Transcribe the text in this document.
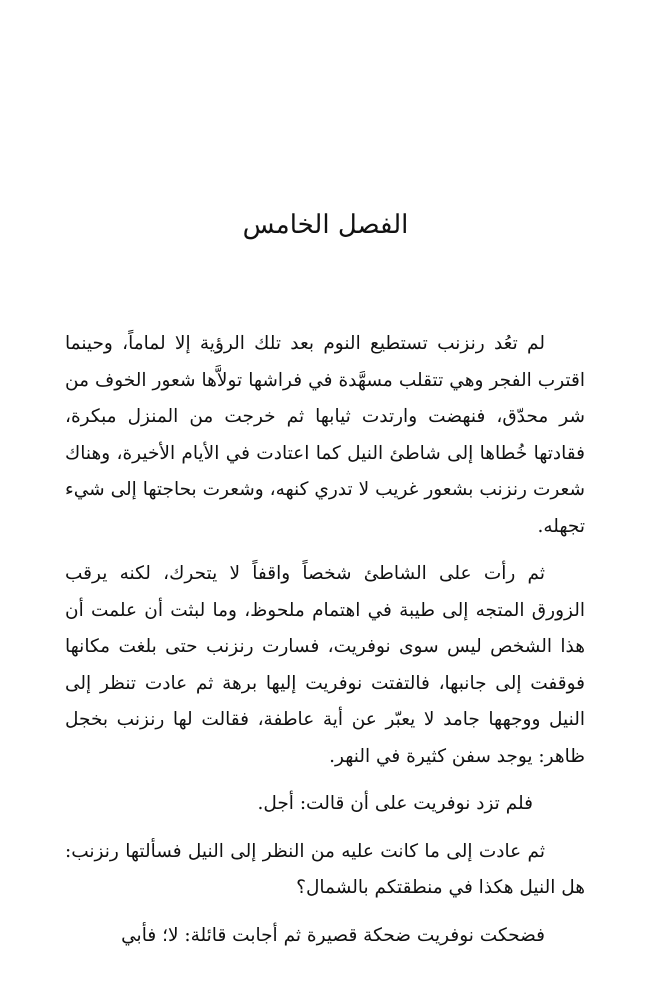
الفصل الخامس

لم تعُد رنزنب تستطيع النوم بعد تلك الرؤية إلا لماماً، وحينما اقترب الفجر وهي تتقلب مسهَّدة في فراشها تولاَّها شعور الخوف من شر محدّق، فنهضت وارتدت ثيابها ثم خرجت من المنزل مبكرة، فقادتها خُطاها إلى شاطئ النيل كما اعتادت في الأيام الأخيرة، وهناك شعرت رنزنب بشعور غريب لا تدري كنهه، وشعرت بحاجتها إلى شيء تجهله.

ثم رأت على الشاطئ شخصاً واقفاً لا يتحرك، لكنه يرقب الزورق المتجه إلى طيبة في اهتمام ملحوظ، وما لبثت أن علمت أن هذا الشخص ليس سوى نوفريت، فسارت رنزنب حتى بلغت مكانها فوقفت إلى جانبها، فالتفتت نوفريت إليها برهة ثم عادت تنظر إلى النيل ووجهها جامد لا يعبّر عن أية عاطفة، فقالت لها رنزنب بخجل ظاهر: يوجد سفن كثيرة في النهر.

فلم تزد نوفريت على أن قالت: أجل.

ثم عادت إلى ما كانت عليه من النظر إلى النيل فسألتها رنزنب: هل النيل هكذا في منطقتكم بالشمال؟

فضحكت نوفريت ضحكة قصيرة ثم أجابت قائلة: لا؛ فأبي
